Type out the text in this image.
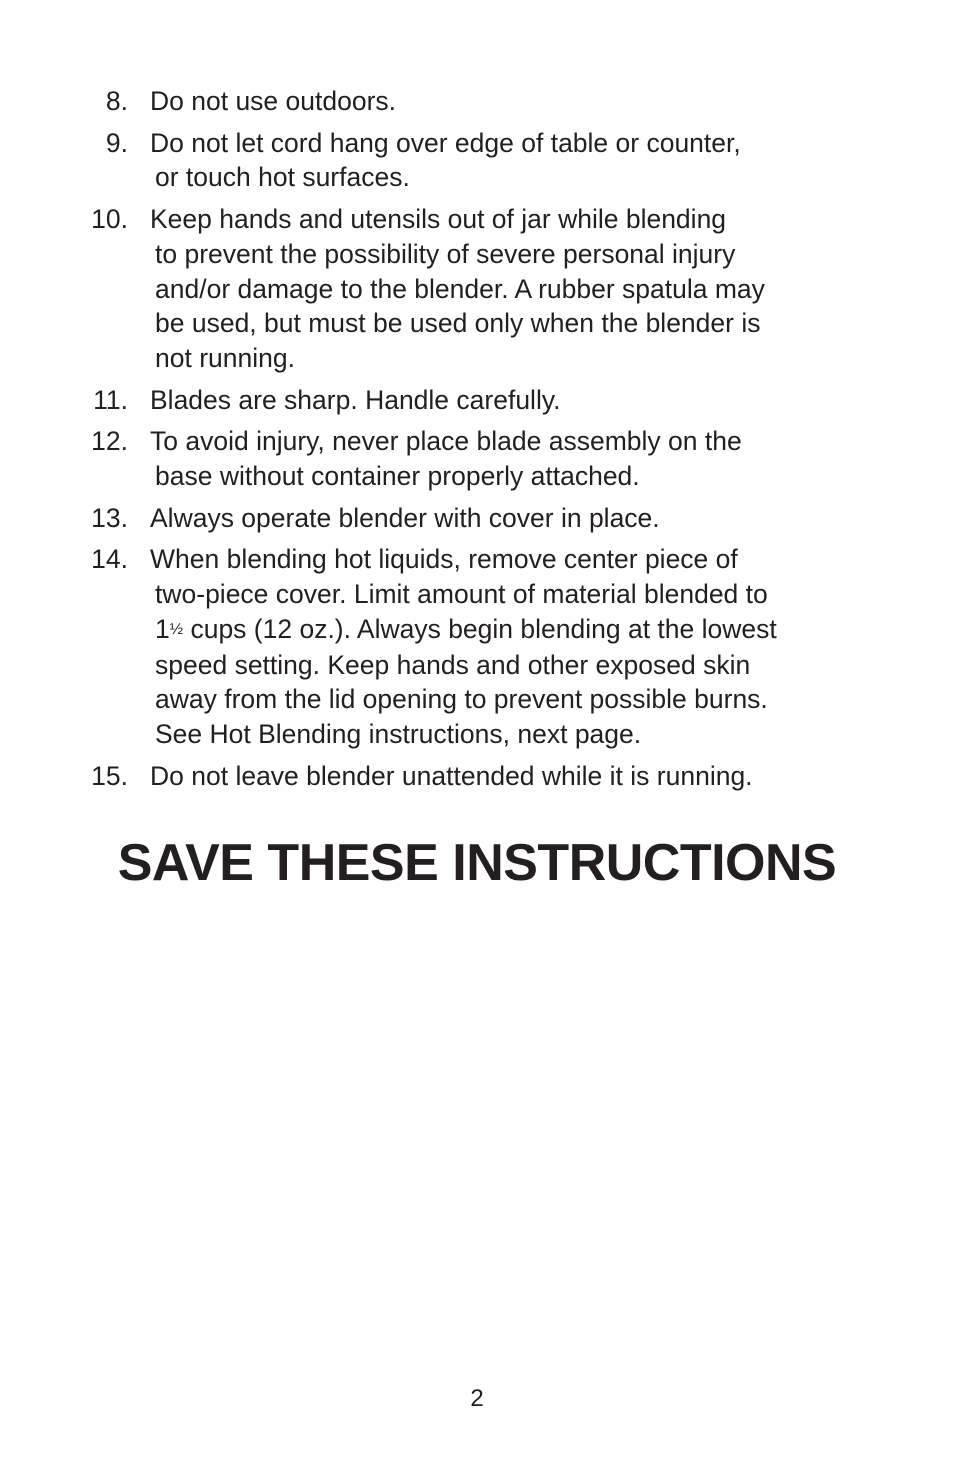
8. Do not use outdoors.
9. Do not let cord hang over edge of table or counter,
or touch hot surfaces.
10. Keep hands and utensils out of jar while blending
to prevent the possibility of severe personal injury
and/or damage to the blender. A rubber spatula may
be used, but must be used only when the blender is
not running.
11. Blades are sharp. Handle carefully.
12. To avoid injury, never place blade assembly on the
base without container properly attached.
13. Always operate blender with cover in place.
14. When blending hot liquids, remove center piece of
two-piece cover. Limit amount of material blended to
1½ cups (12 oz.). Always begin blending at the lowest
speed setting. Keep hands and other exposed skin
away from the lid opening to prevent possible burns.
See Hot Blending instructions, next page.
15. Do not leave blender unattended while it is running.
SAVE THESE INSTRUCTIONS
2
